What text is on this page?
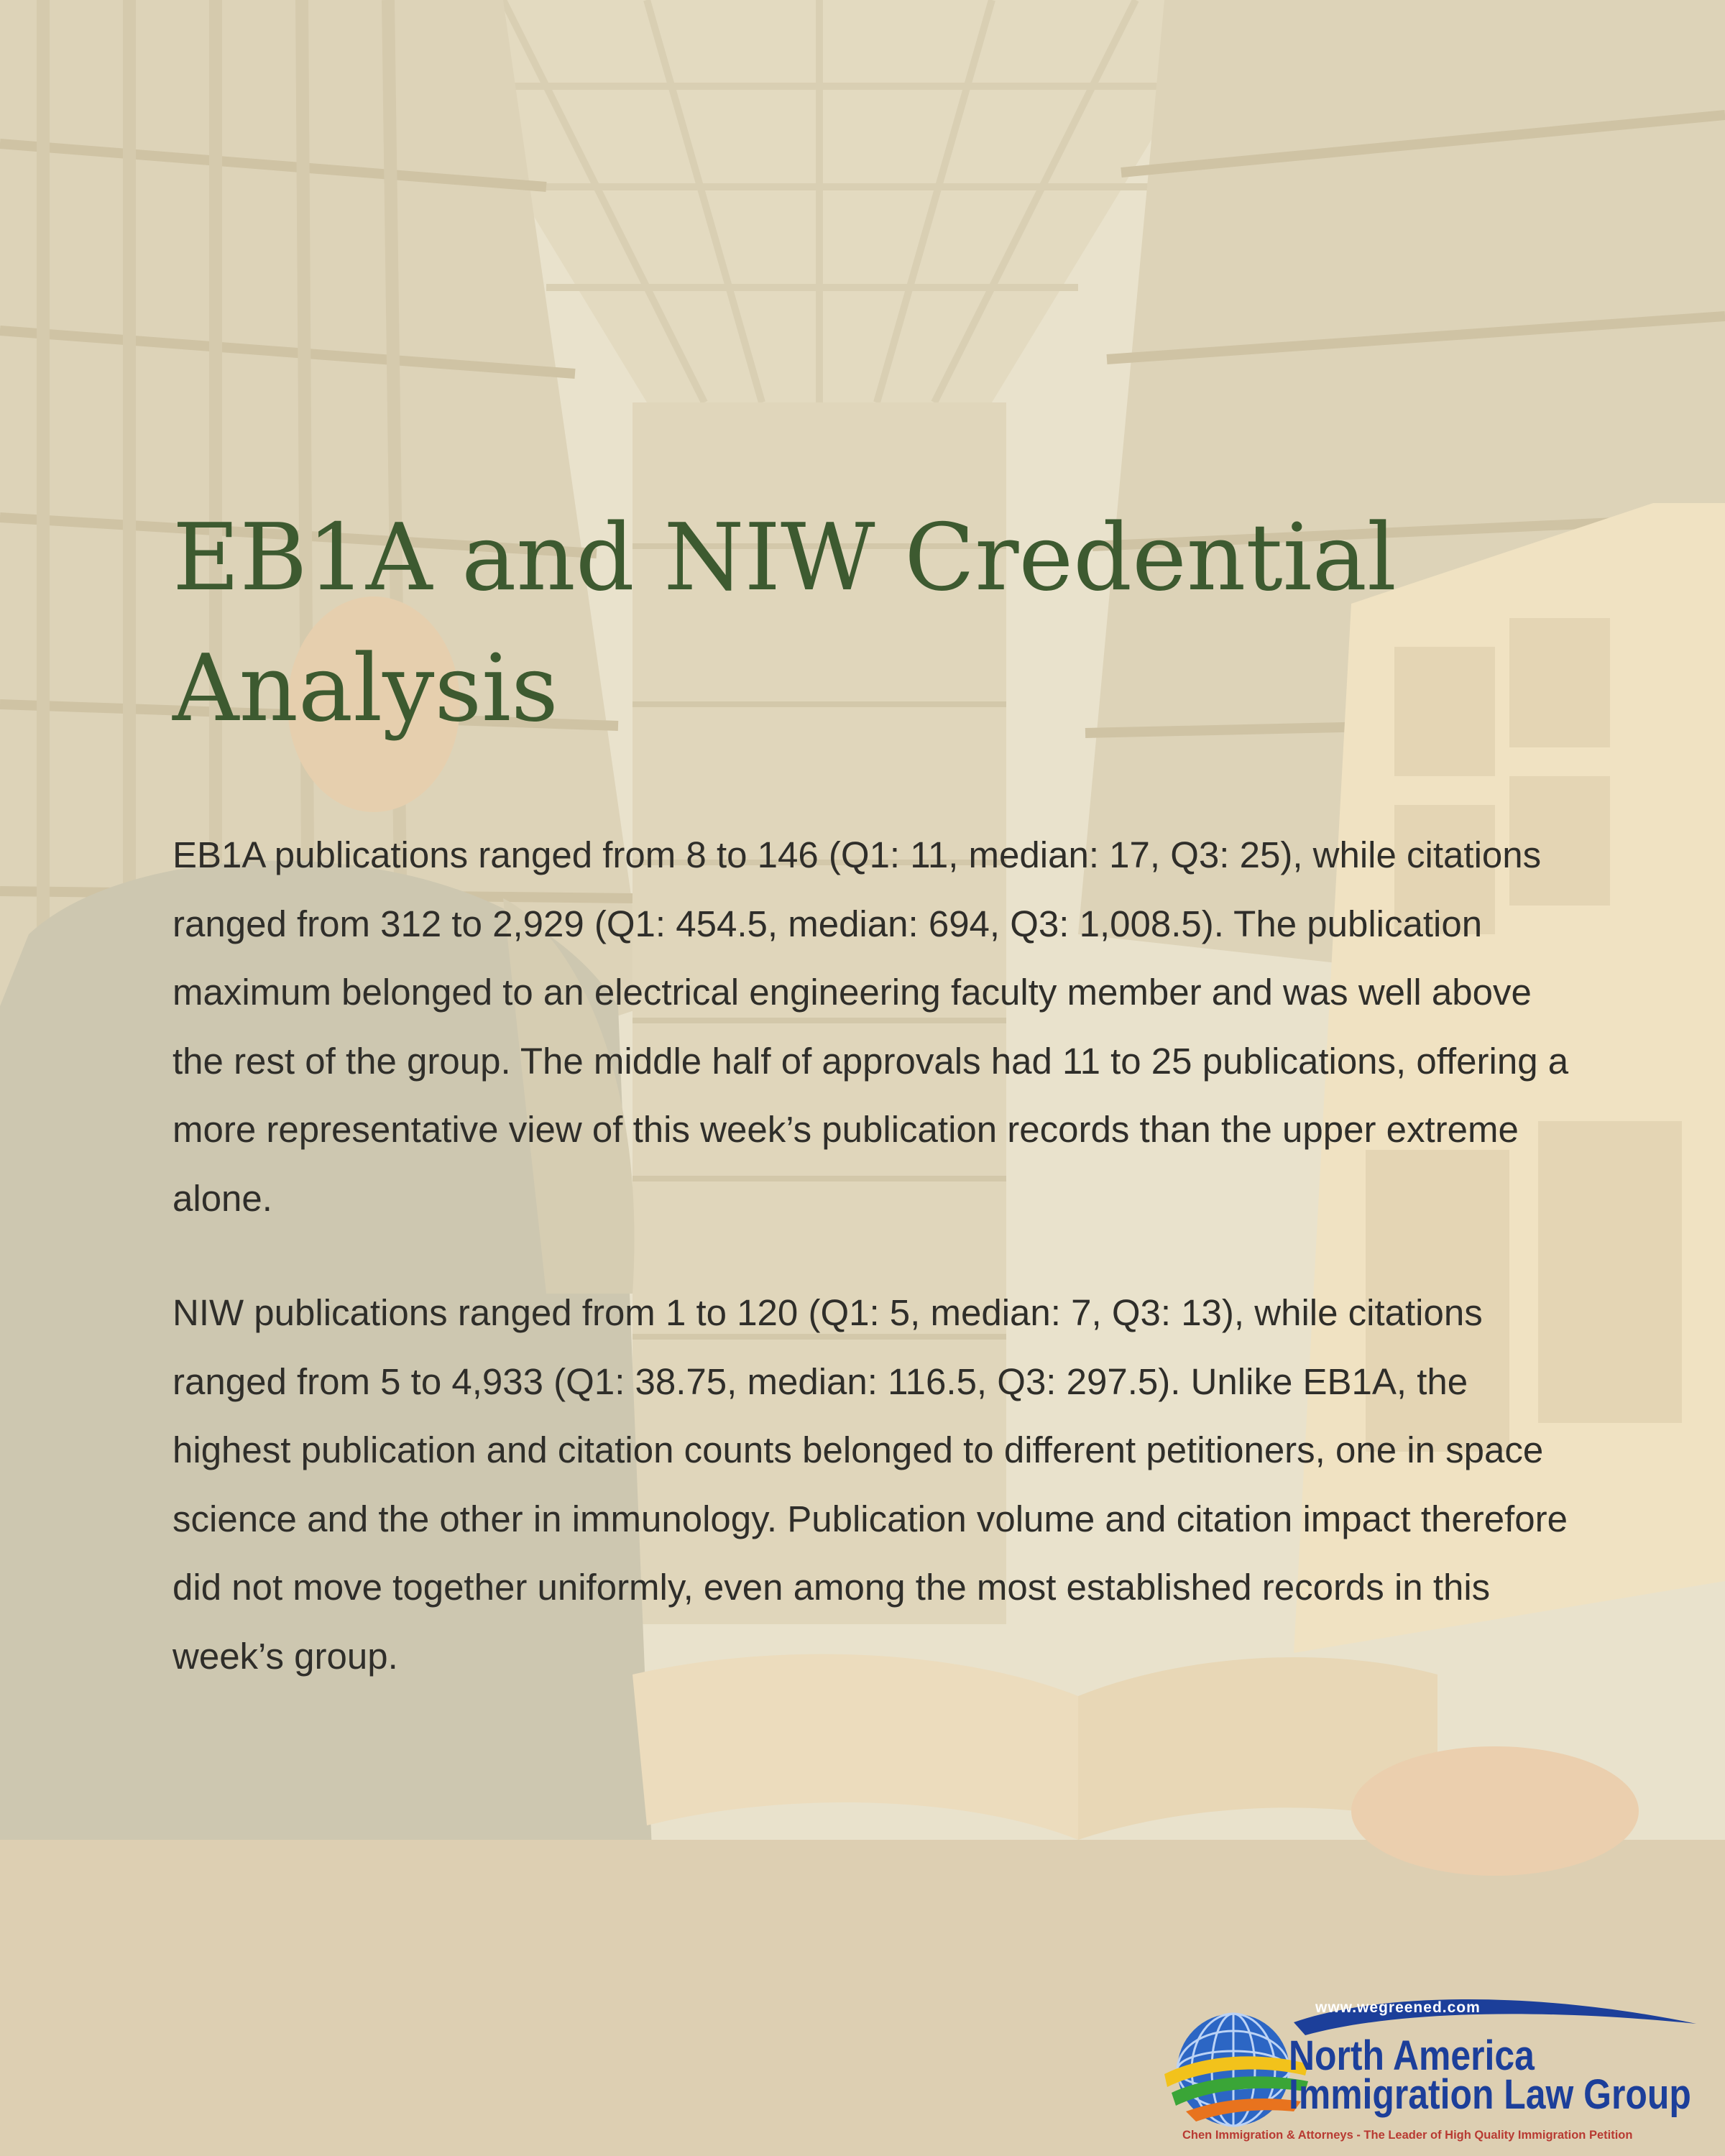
EB1A and NIW Credential Analysis

EB1A publications ranged from 8 to 146 (Q1: 11, median: 17, Q3: 25), while citations ranged from 312 to 2,929 (Q1: 454.5, median: 694, Q3: 1,008.5). The publication maximum belonged to an electrical engineering faculty member and was well above the rest of the group. The middle half of approvals had 11 to 25 publications, offering a more representative view of this week’s publication records than the upper extreme alone.

NIW publications ranged from 1 to 120 (Q1: 5, median: 7, Q3: 13), while citations ranged from 5 to 4,933 (Q1: 38.75, median: 116.5, Q3: 297.5). Unlike EB1A, the highest publication and citation counts belonged to different petitioners, one in space science and the other in immunology. Publication volume and citation impact therefore did not move together uniformly, even among the most established records in this week’s group.

www.wegreened.com
North America
Immigration Law Group
Chen Immigration & Attorneys - The Leader of High Quality Immigration Petition
